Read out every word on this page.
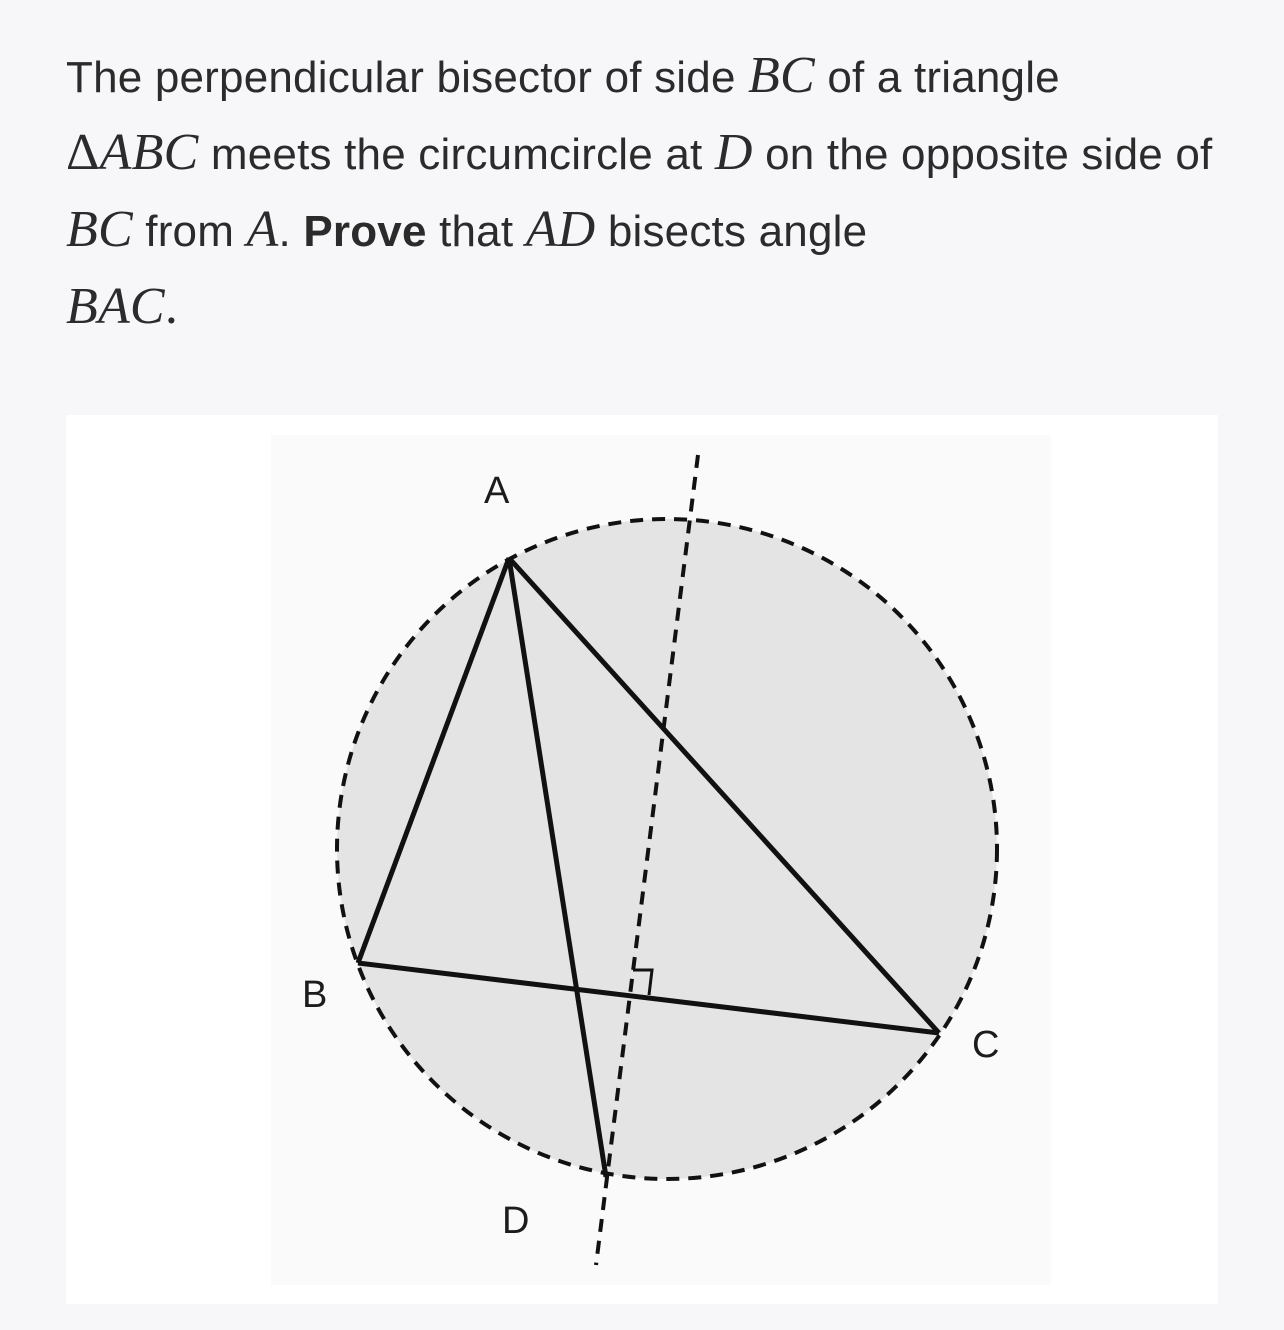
The perpendicular bisector of side BC of a triangle
ΔABC meets the circumcircle at D on the opposite side of BC from A. Prove that AD bisects angle
BAC.
A
B
C
D
